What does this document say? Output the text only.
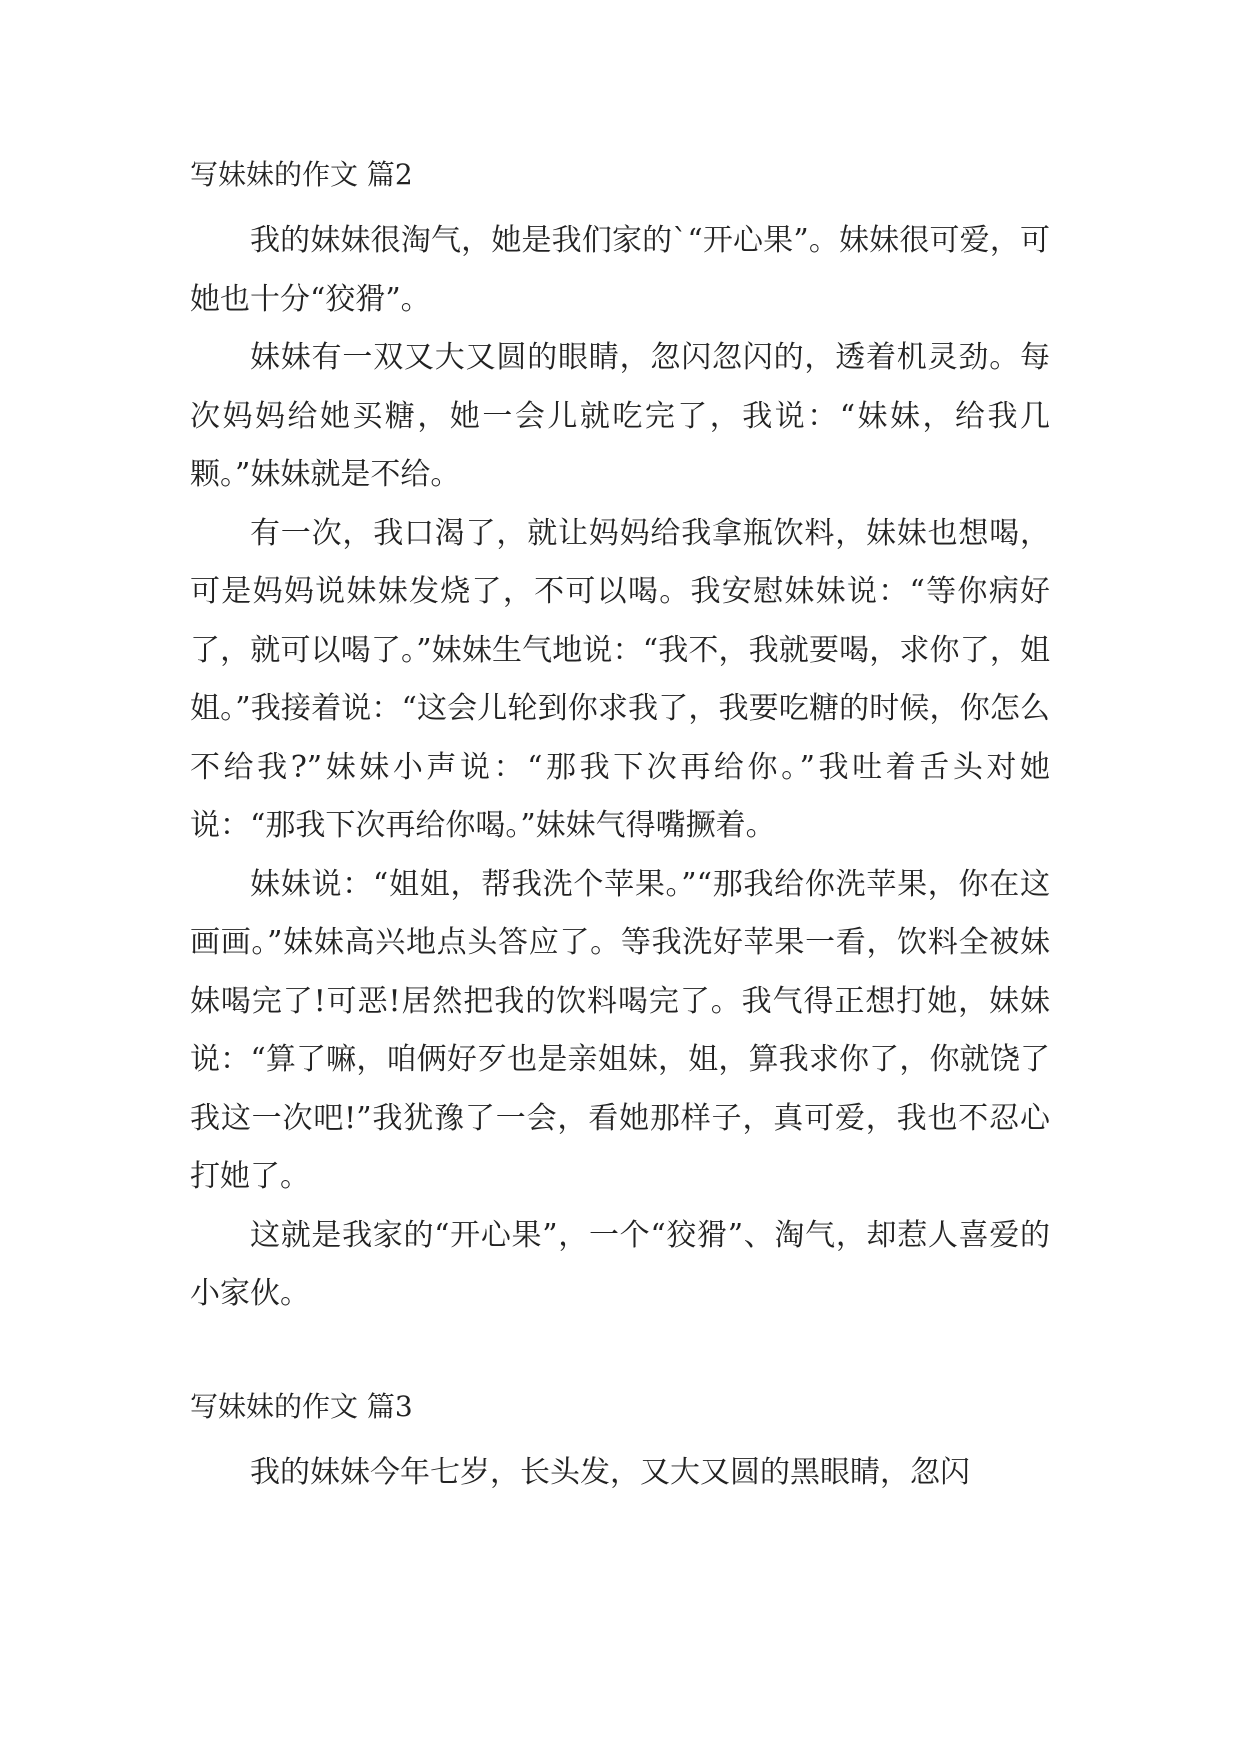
写妹妹的作文 篇2

我的妹妹很淘气，她是我们家的`“开心果”。妹妹很可爱，可她也十分“狡猾”。

妹妹有一双又大又圆的眼睛，忽闪忽闪的，透着机灵劲。每次妈妈给她买糖，她一会儿就吃完了，我说：“妹妹，给我几颗。”妹妹就是不给。

有一次，我口渴了，就让妈妈给我拿瓶饮料，妹妹也想喝，可是妈妈说妹妹发烧了，不可以喝。我安慰妹妹说：“等你病好了，就可以喝了。”妹妹生气地说：“我不，我就要喝，求你了，姐姐。”我接着说：“这会儿轮到你求我了，我要吃糖的时候，你怎么不给我?”妹妹小声说：“那我下次再给你。”我吐着舌头对她说：“那我下次再给你喝。”妹妹气得嘴撅着。

妹妹说：“姐姐，帮我洗个苹果。”“那我给你洗苹果，你在这画画。”妹妹高兴地点头答应了。等我洗好苹果一看，饮料全被妹妹喝完了!可恶!居然把我的饮料喝完了。我气得正想打她，妹妹说：“算了嘛，咱俩好歹也是亲姐妹，姐，算我求你了，你就饶了我这一次吧!”我犹豫了一会，看她那样子，真可爱，我也不忍心打她了。

这就是我家的“开心果”，一个“狡猾”、淘气，却惹人喜爱的小家伙。

写妹妹的作文 篇3

我的妹妹今年七岁，长头发，又大又圆的黑眼睛，忽闪
